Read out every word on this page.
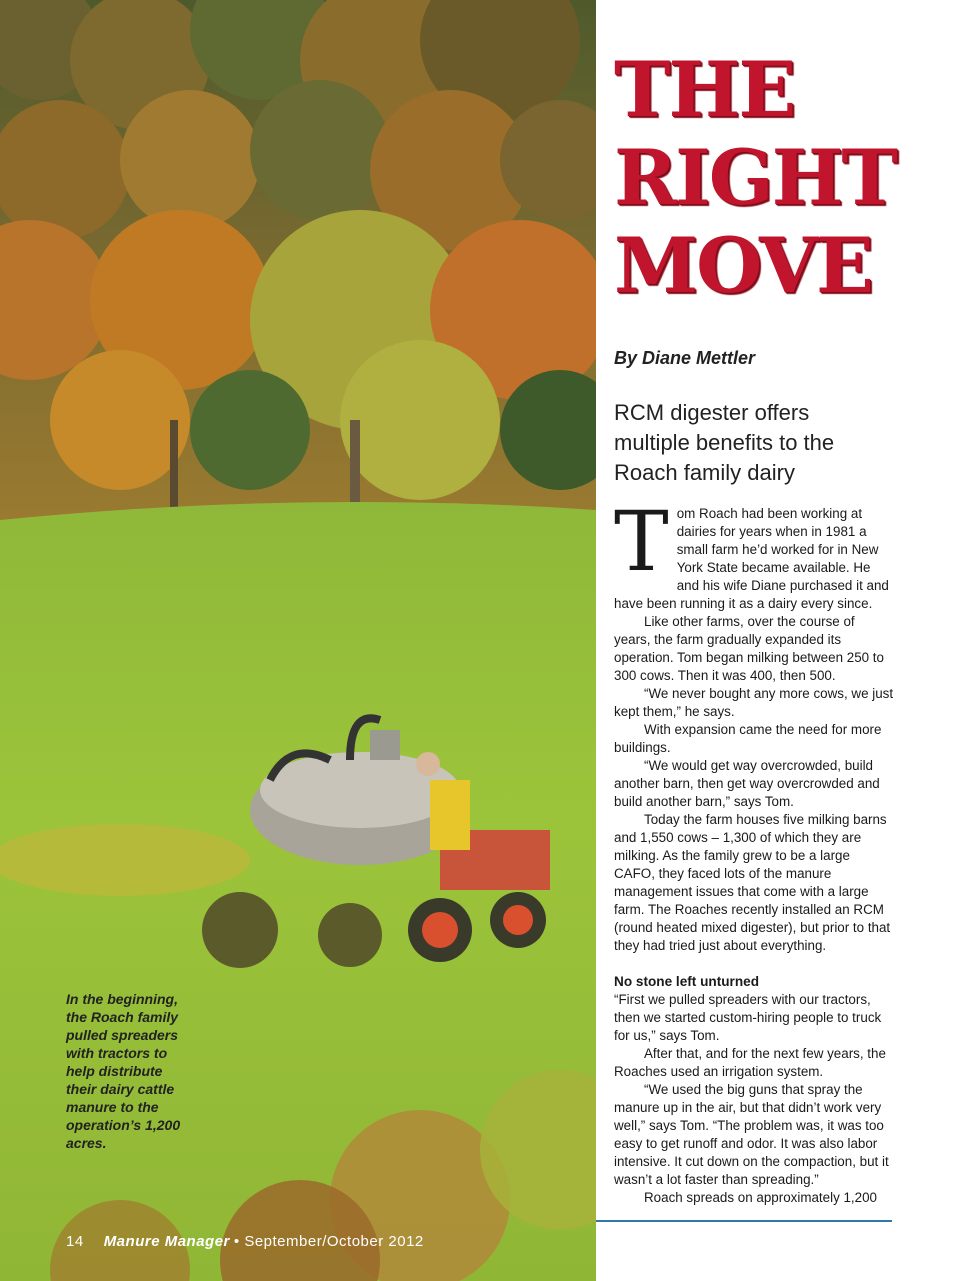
In the beginning, the Roach family pulled spreaders with tractors to help distribute their dairy cattle manure to the operation’s 1,200 acres.
14 Manure Manager • September/October 2012
THE
RIGHT
MOVE
By Diane Mettler
RCM digester offers multiple benefits to the Roach family dairy

Tom Roach had been working at dairies for years when in 1981 a small farm he’d worked for in New York State became available. He and his wife Diane purchased it and have been running it as a dairy every since.

Like other farms, over the course of years, the farm gradually expanded its operation. Tom began milking between 250 to 300 cows. Then it was 400, then 500.

“We never bought any more cows, we just kept them,” he says.

With expansion came the need for more buildings.

“We would get way overcrowded, build another barn, then get way overcrowded and build another barn,” says Tom.

Today the farm houses five milking barns and 1,550 cows – 1,300 of which they are milking. As the family grew to be a large CAFO, they faced lots of the manure management issues that come with a large farm. The Roaches recently installed an RCM (round heated mixed digester), but prior to that they had tried just about everything.

No stone left unturned

“First we pulled spreaders with our tractors, then we started custom-hiring people to truck for us,” says Tom.

After that, and for the next few years, the Roaches used an irrigation system.

“We used the big guns that spray the manure up in the air, but that didn’t work very well,” says Tom. “The problem was, it was too easy to get runoff and odor. It was also labor intensive. It cut down on the compaction, but it wasn’t a lot faster than spreading.”

Roach spreads on approximately 1,200
